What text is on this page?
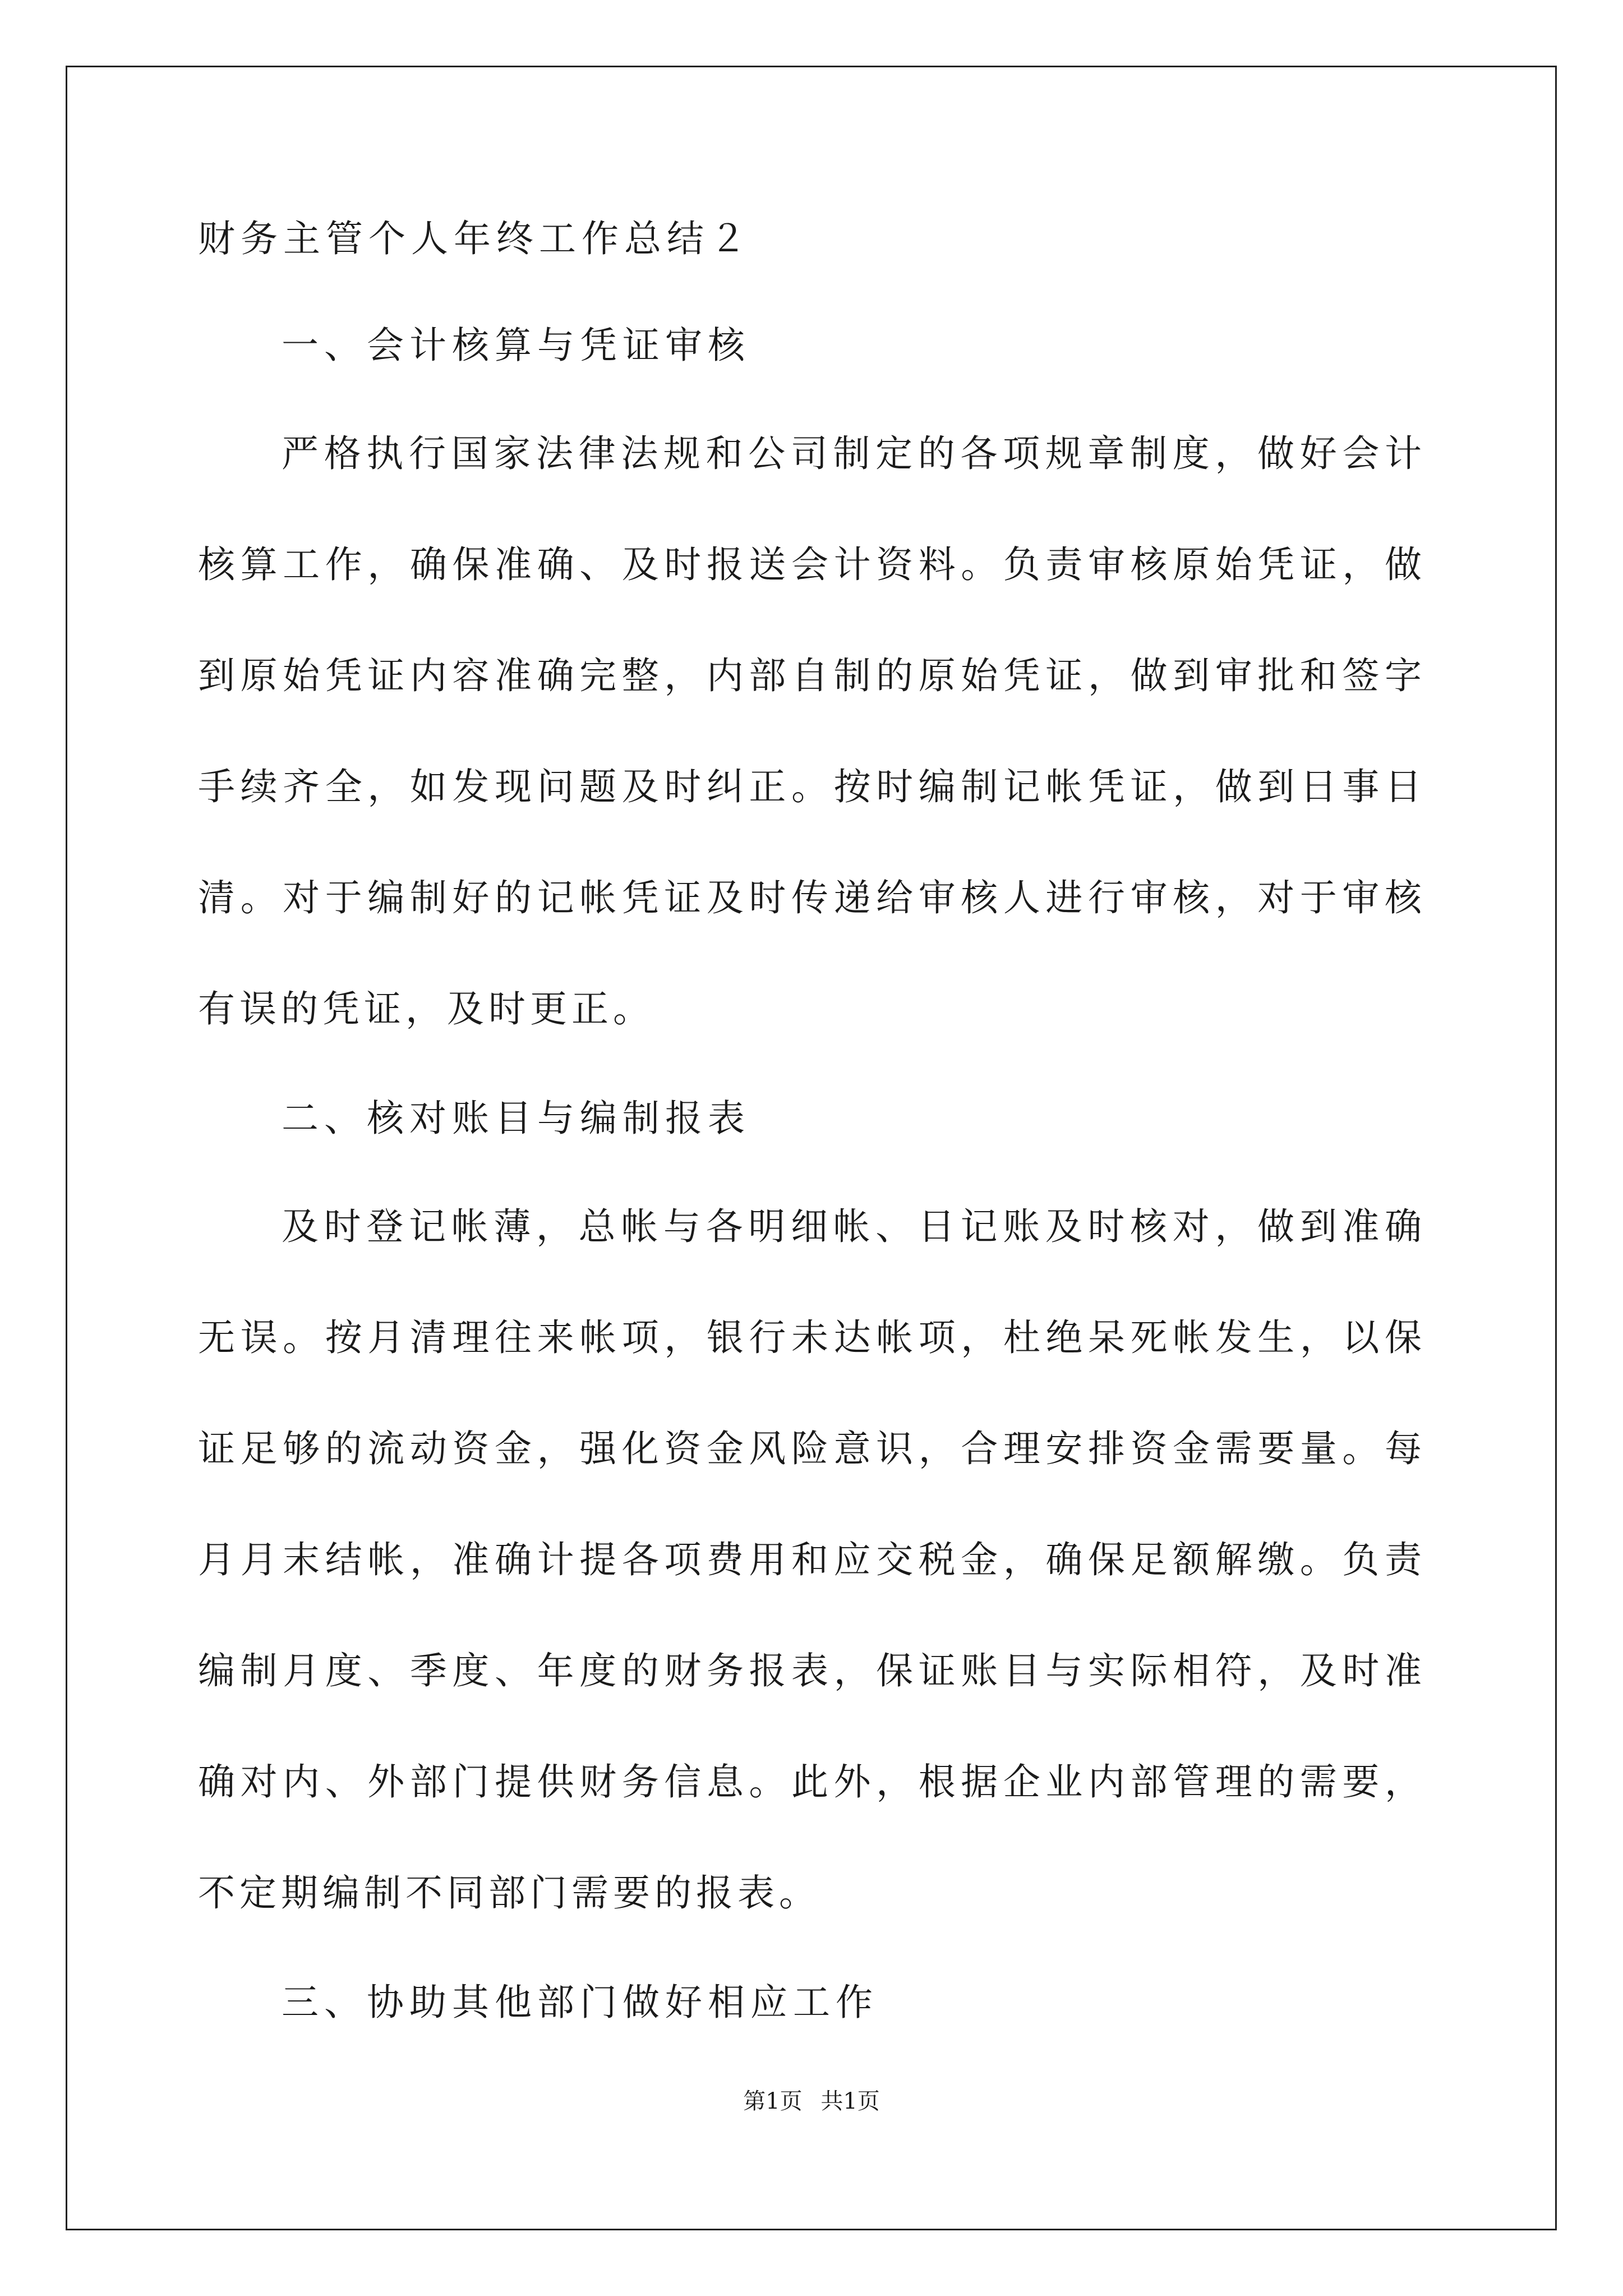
财务主管个人年终工作总结２
一、会计核算与凭证审核

严格执行国家法律法规和公司制定的各项规章制度，做好会计核算工作，确保准确、及时报送会计资料。负责审核原始凭证，做到原始凭证内容准确完整，内部自制的原始凭证，做到审批和签字手续齐全，如发现问题及时纠正。按时编制记帐凭证，做到日事日清。对于编制好的记帐凭证及时传递给审核人进行审核，对于审核有误的凭证，及时更正。

二、核对账目与编制报表

及时登记帐薄，总帐与各明细帐、日记账及时核对，做到准确无误。按月清理往来帐项，银行未达帐项，杜绝呆死帐发生，以保证足够的流动资金，强化资金风险意识，合理安排资金需要量。每月月末结帐，准确计提各项费用和应交税金，确保足额解缴。负责编制月度、季度、年度的财务报表，保证账目与实际相符，及时准确对内、外部门提供财务信息。此外，根据企业内部管理的需要，不定期编制不同部门需要的报表。

三、协助其他部门做好相应工作
第1页 共1页
